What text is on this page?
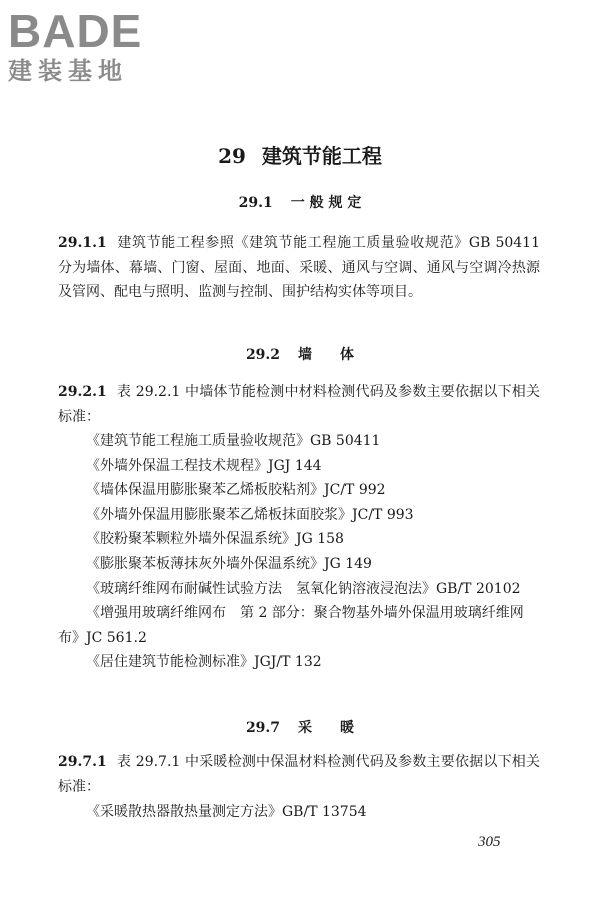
BADE
建装基地
29 建筑节能工程
29.1 一 般 规 定
29.1.1 建筑节能工程参照《建筑节能工程施工质量验收规范》GB 50411 分为墙体、幕墙、门窗、屋面、地面、采暖、通风与空调、通风与空调冷热源及管网、配电与照明、监测与控制、围护结构实体等项目。
29.2 墙　　体
29.2.1 表 29.2.1 中墙体节能检测中材料检测代码及参数主要依据以下相关标准：
《建筑节能工程施工质量验收规范》GB 50411
《外墙外保温工程技术规程》JGJ 144
《墙体保温用膨胀聚苯乙烯板胶粘剂》JC/T 992
《外墙外保温用膨胀聚苯乙烯板抹面胶浆》JC/T 993
《胶粉聚苯颗粒外墙外保温系统》JG 158
《膨胀聚苯板薄抹灰外墙外保温系统》JG 149
《玻璃纤维网布耐碱性试验方法　氢氧化钠溶液浸泡法》GB/T 20102
《增强用玻璃纤维网布　第 2 部分：聚合物基外墙外保温用玻璃纤维网布》JC 561.2
《居住建筑节能检测标准》JGJ/T 132
29.7 采　　暖
29.7.1 表 29.7.1 中采暖检测中保温材料检测代码及参数主要依据以下相关标准：
《采暖散热器散热量测定方法》GB/T 13754
305
